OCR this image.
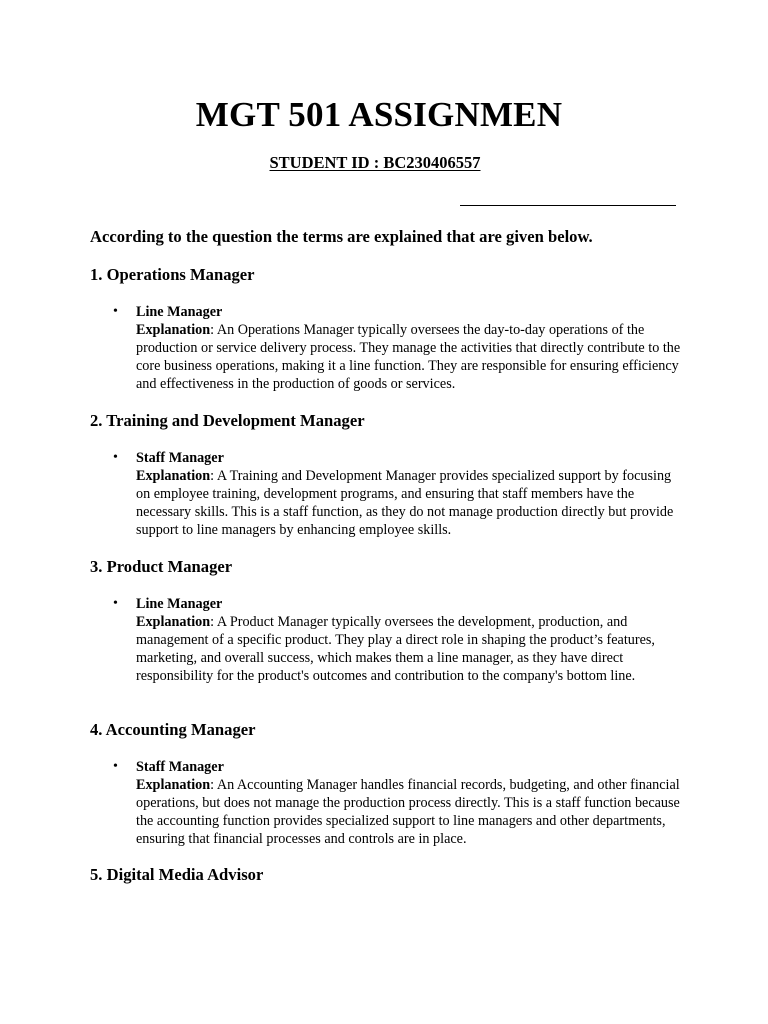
MGT 501 ASSIGNMEN
STUDENT ID : BC230406557
According to the question the terms are explained that are given below.
1. Operations Manager
• Line Manager
Explanation: An Operations Manager typically oversees the day-to-day operations of the production or service delivery process. They manage the activities that directly contribute to the core business operations, making it a line function. They are responsible for ensuring efficiency and effectiveness in the production of goods or services.
2. Training and Development Manager
• Staff Manager
Explanation: A Training and Development Manager provides specialized support by focusing on employee training, development programs, and ensuring that staff members have the necessary skills. This is a staff function, as they do not manage production directly but provide support to line managers by enhancing employee skills.
3. Product Manager
• Line Manager
Explanation: A Product Manager typically oversees the development, production, and management of a specific product. They play a direct role in shaping the product’s features, marketing, and overall success, which makes them a line manager, as they have direct responsibility for the product's outcomes and contribution to the company's bottom line.
4. Accounting Manager
• Staff Manager
Explanation: An Accounting Manager handles financial records, budgeting, and other financial operations, but does not manage the production process directly. This is a staff function because the accounting function provides specialized support to line managers and other departments, ensuring that financial processes and controls are in place.
5. Digital Media Advisor
